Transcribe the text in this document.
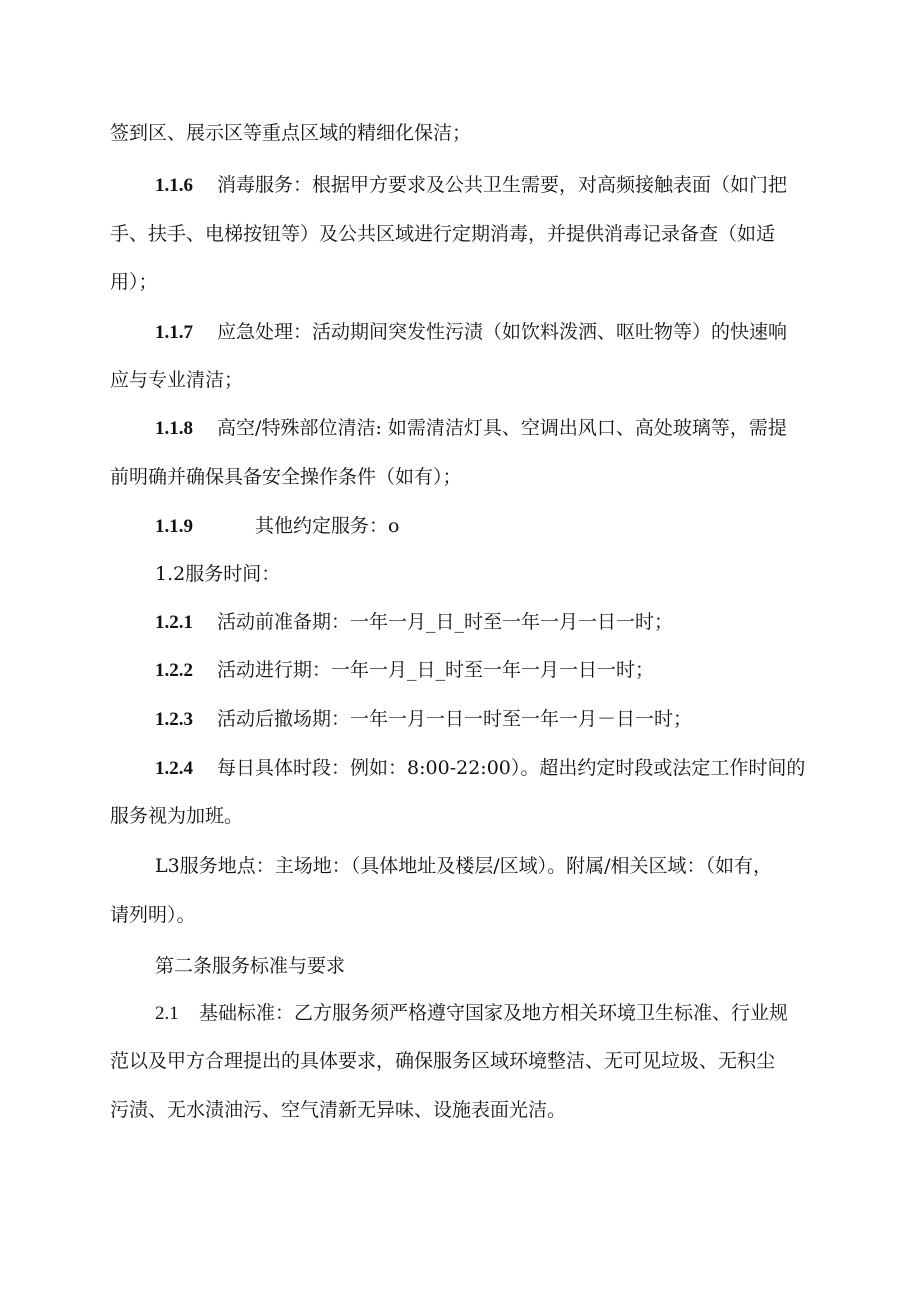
签到区、展示区等重点区域的精细化保洁；
1.1.6 消毒服务：根据甲方要求及公共卫生需要，对高频接触表面（如门把
手、扶手、电梯按钮等）及公共区域进行定期消毒，并提供消毒记录备查（如适
用）；
1.1.7 应急处理：活动期间突发性污渍（如饮料泼洒、呕吐物等）的快速响
应与专业清洁；
1.1.8 高空/特殊部位清洁: 如需清洁灯具、空调出风口、高处玻璃等，需提
前明确并确保具备安全操作条件（如有）；
1.1.9	其他约定服务：o
1.2服务时间：
1.2.1 活动前准备期：一年一月_日_时至一年一月一日一时；
1.2.2 活动进行期：一年一月_日_时至一年一月一日一时；
1.2.3 活动后撤场期：一年一月一日一时至一年一月－日一时；
1.2.4 每日具体时段：例如：8:00-22:00）。超出约定时段或法定工作时间的
服务视为加班。
L3服务地点：主场地：（具体地址及楼层/区域）。附属/相关区域：（如有，
请列明）。
第二条服务标准与要求
2.1 基础标准：乙方服务须严格遵守国家及地方相关环境卫生标准、行业规
范以及甲方合理提出的具体要求，确保服务区域环境整洁、无可见垃圾、无积尘
污渍、无水渍油污、空气清新无异味、设施表面光洁。
